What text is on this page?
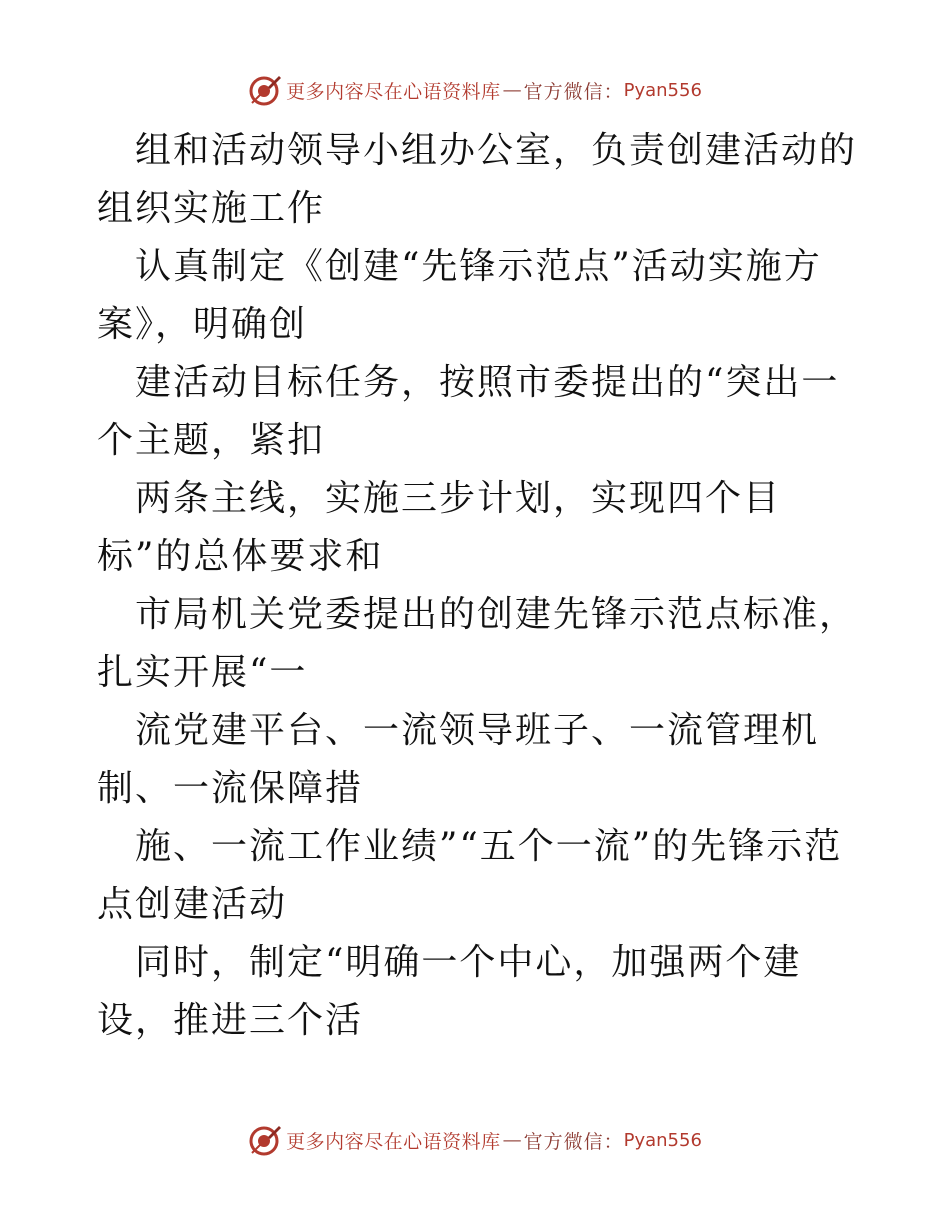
更多内容尽在心语资料库 — 官方微信： Pyan556

组和活动领导小组办公室，负责创建活动的组织实施工作

认真制定《创建“先锋示范点”活动实施方案》，明确创

建活动目标任务，按照市委提出的“突出一个主题，紧扣

两条主线，实施三步计划，实现四个目标”的总体要求和

市局机关党委提出的创建先锋示范点标准，扎实开展“一

流党建平台、一流领导班子、一流管理机制、一流保障措

施、一流工作业绩”“五个一流”的先锋示范点创建活动

同时，制定“明确一个中心，加强两个建设，推进三个活

更多内容尽在心语资料库 — 官方微信： Pyan556
